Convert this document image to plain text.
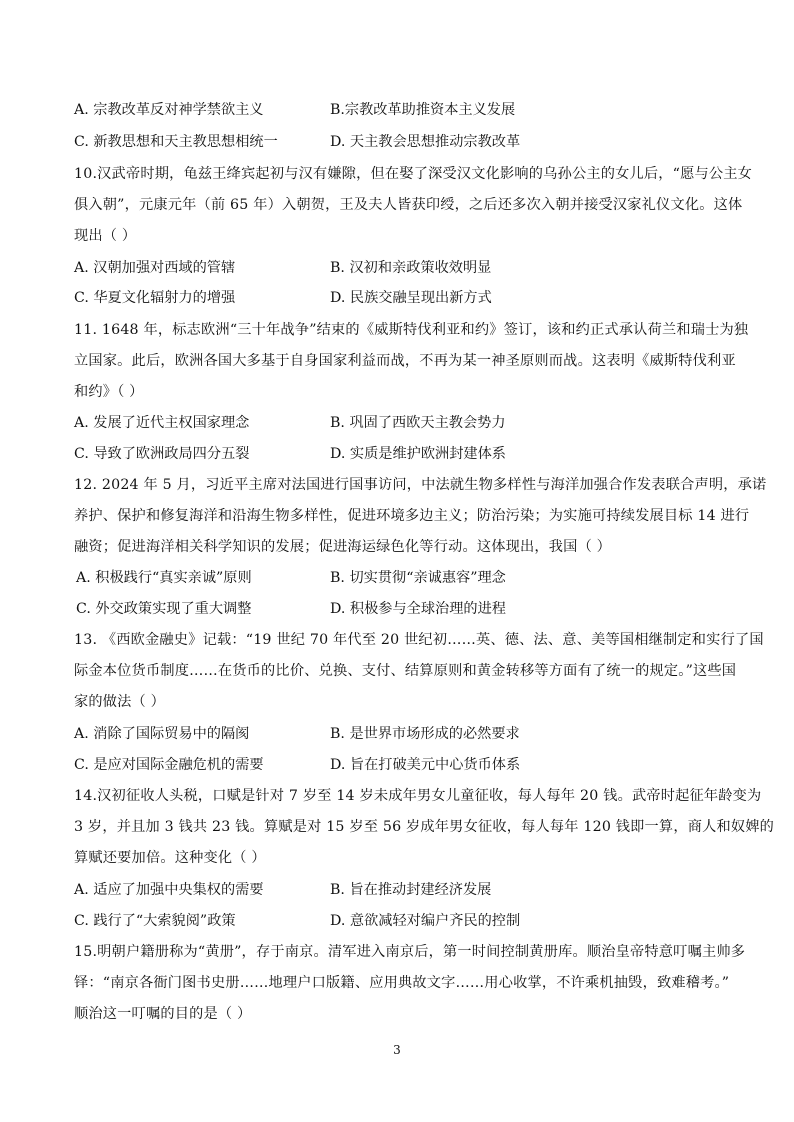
A. 宗教改革反对神学禁欲主义	B.宗教改革助推资本主义发展
C. 新教思想和天主教思想相统一	D. 天主教会思想推动宗教改革
10.汉武帝时期，龟兹王绛宾起初与汉有嫌隙，但在娶了深受汉文化影响的乌孙公主的女儿后，“愿与公主女
俱入朝”，元康元年（前 65 年）入朝贺，王及夫人皆获印绶，之后还多次入朝并接受汉家礼仪文化。这体
现出（ ）
A. 汉朝加强对西域的管辖	B. 汉初和亲政策收效明显
C. 华夏文化辐射力的增强	D. 民族交融呈现出新方式
11. 1648 年，标志欧洲“三十年战争”结束的《威斯特伐利亚和约》签订，该和约正式承认荷兰和瑞士为独
立国家。此后，欧洲各国大多基于自身国家利益而战，不再为某一神圣原则而战。这表明《威斯特伐利亚
和约》（ ）
A. 发展了近代主权国家理念	B. 巩固了西欧天主教会势力
C. 导致了欧洲政局四分五裂	D. 实质是维护欧洲封建体系
12. 2024 年 5 月，习近平主席对法国进行国事访问，中法就生物多样性与海洋加强合作发表联合声明，承诺
养护、保护和修复海洋和沿海生物多样性，促进环境多边主义；防治污染；为实施可持续发展目标 14 进行
融资；促进海洋相关科学知识的发展；促进海运绿色化等行动。这体现出，我国（ ）
A. 积极践行“真实亲诚”原则	B. 切实贯彻“亲诚惠容”理念
C. 外交政策实现了重大调整	D. 积极参与全球治理的进程
13. 《西欧金融史》记载：“19 世纪 70 年代至 20 世纪初……英、德、法、意、美等国相继制定和实行了国
际金本位货币制度……在货币的比价、兑换、支付、结算原则和黄金转移等方面有了统一的规定。”这些国
家的做法（ ）
A. 消除了国际贸易中的隔阂	B. 是世界市场形成的必然要求
C. 是应对国际金融危机的需要	D. 旨在打破美元中心货币体系
14.汉初征收人头税，口赋是针对 7 岁至 14 岁未成年男女儿童征收，每人每年 20 钱。武帝时起征年龄变为
3 岁，并且加 3 钱共 23 钱。算赋是对 15 岁至 56 岁成年男女征收，每人每年 120 钱即一算，商人和奴婢的
算赋还要加倍。这种变化（ ）
A. 适应了加强中央集权的需要	B. 旨在推动封建经济发展
C. 践行了“大索貌阅”政策	D. 意欲减轻对编户齐民的控制
15.明朝户籍册称为“黄册”，存于南京。清军进入南京后，第一时间控制黄册库。顺治皇帝特意叮嘱主帅多
铎：“南京各衙门图书史册……地理户口版籍、应用典故文字……用心收掌，不许乘机抽毁，致难稽考。”
顺治这一叮嘱的目的是（ ）
3
